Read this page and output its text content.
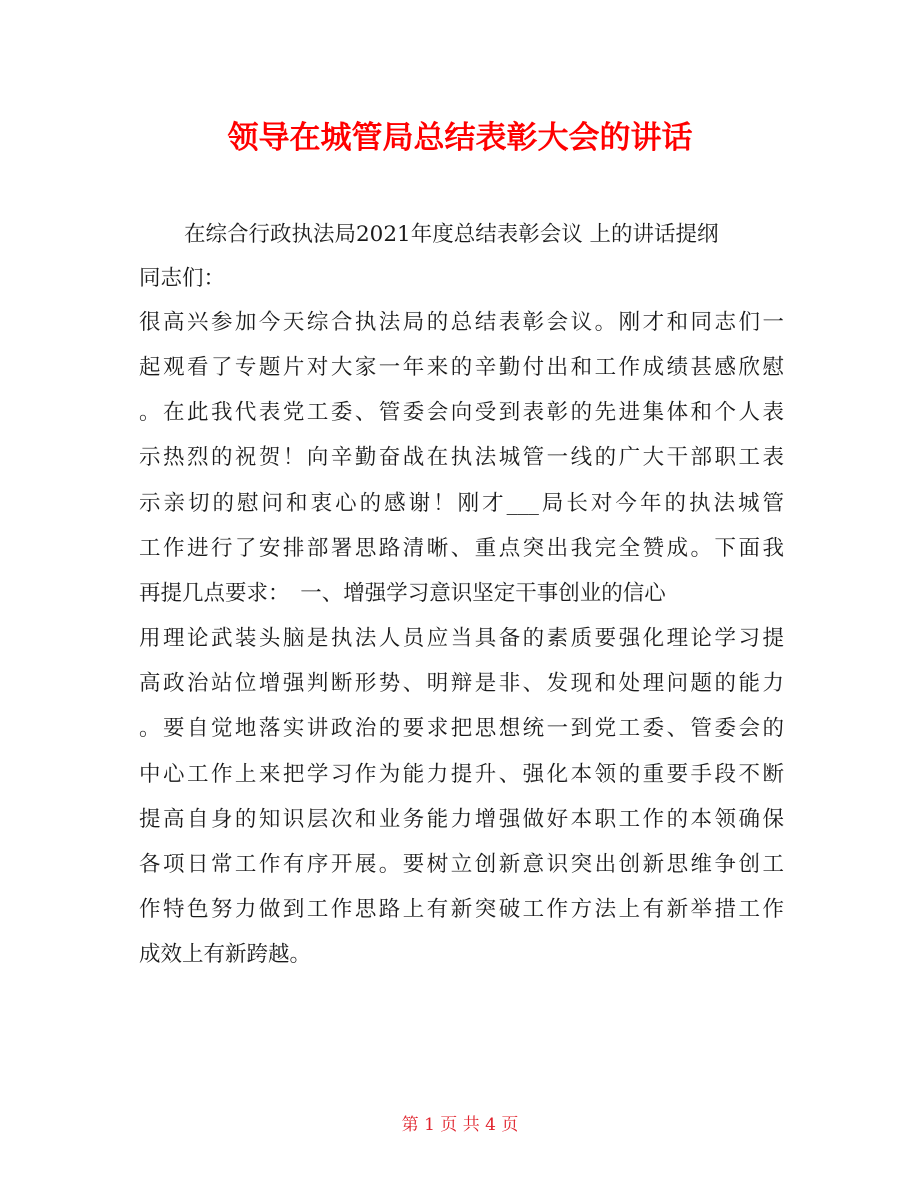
领导在城管局总结表彰大会的讲话
在综合行政执法局2021年度总结表彰会议 上的讲话提纲
同志们：
很高兴参加今天综合执法局的总结表彰会议。刚才和同志们一
起观看了专题片对大家一年来的辛勤付出和工作成绩甚感欣慰
。在此我代表党工委、管委会向受到表彰的先进集体和个人表
示热烈的祝贺！向辛勤奋战在执法城管一线的广大干部职工表
示亲切的慰问和衷心的感谢！刚才___局长对今年的执法城管
工作进行了安排部署思路清晰、重点突出我完全赞成。下面我
再提几点要求：　一、增强学习意识坚定干事创业的信心
用理论武装头脑是执法人员应当具备的素质要强化理论学习提
高政治站位增强判断形势、明辩是非、发现和处理问题的能力
。要自觉地落实讲政治的要求把思想统一到党工委、管委会的
中心工作上来把学习作为能力提升、强化本领的重要手段不断
提高自身的知识层次和业务能力增强做好本职工作的本领确保
各项日常工作有序开展。要树立创新意识突出创新思维争创工
作特色努力做到工作思路上有新突破工作方法上有新举措工作
成效上有新跨越。
第 1 页 共 4 页
